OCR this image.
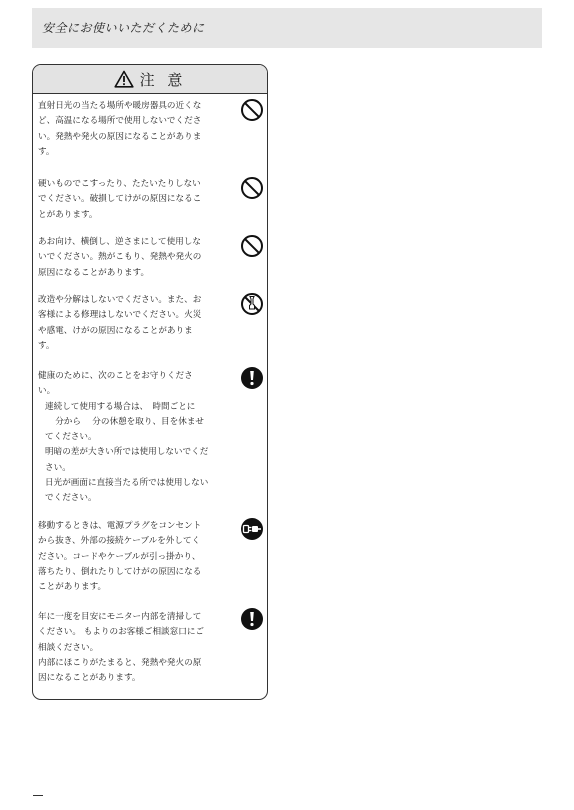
安全にお使いいただくために
注 意
直射日光の当たる場所や暖房器具の近くな
ど、高温になる場所で使用しないでくださ
い。発熱や発火の原因になることがありま
す。
硬いものでこすったり、たたいたりしない
でください。破損してけがの原因になるこ
とがあります。
あお向け、横倒し、逆さまにして使用しな
いでください。熱がこもり、発熱や発火の
原因になることがあります。
改造や分解はしないでください。また、お
客様による修理はしないでください。火災
や感電、けがの原因になることがありま
す。
健康のために、次のことをお守りくださ
い。
連続して使用する場合は、　時間ごとに
　　分から　 分の休憩を取り、目を休ませ
てください。
明暗の差が大きい所では使用しないでくだ
さい。
日光が画面に直接当たる所では使用しない
でください。
移動するときは、電源プラグをコンセント
から抜き、外部の接続ケーブルを外してく
ださい。コードやケーブルが引っ掛かり、
落ちたり、倒れたりしてけがの原因になる
ことがあります。
年に一度を目安にモニター内部を清掃して
ください。 もよりのお客様ご相談窓口にご
相談ください。
内部にほこりがたまると、発熱や発火の原
因になることがあります。
